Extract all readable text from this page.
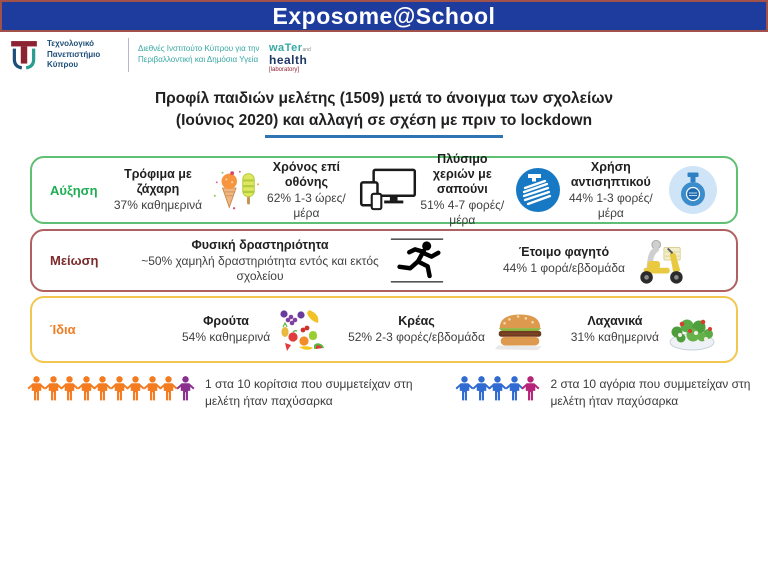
Exposome@School
Τεχνολογικό Πανεπιστήμιο Κύπρου
Διεθνές Ινστιτούτο Κύπρου για την Περιβαλλοντική και Δημόσια Υγεία
waTerand
health
[laboratory]
Προφίλ παιδιών μελέτης (1509) μετά το άνοιγμα των σχολείων
(Ιούνιος 2020) και αλλαγή σε σχέση με πριν το lockdown
Αύξηση
Τρόφιμα με ζάχαρη
37% καθημερινά
Χρόνος επί οθόνης
62% 1-3 ώρες/μέρα
Πλύσιμο χεριών με σαπούνι
51% 4-7 φορές/μέρα
Χρήση αντισηπτικού
44% 1-3 φορές/μέρα
Μείωση
Φυσική δραστηριότητα
~50% χαμηλή δραστηριότητα εντός και εκτός σχολείου
Έτοιμο φαγητό
44% 1 φορά/εβδομάδα
Ίδια
Φρούτα
54% καθημερινά
Κρέας
52% 2-3 φορές/εβδομάδα
Λαχανικά
31% καθημερινά
1 στα 10 κορίτσια που συμμετείχαν στη μελέτη ήταν παχύσαρκα
2 στα 10 αγόρια που συμμετείχαν στη μελέτη ήταν παχύσαρκα
